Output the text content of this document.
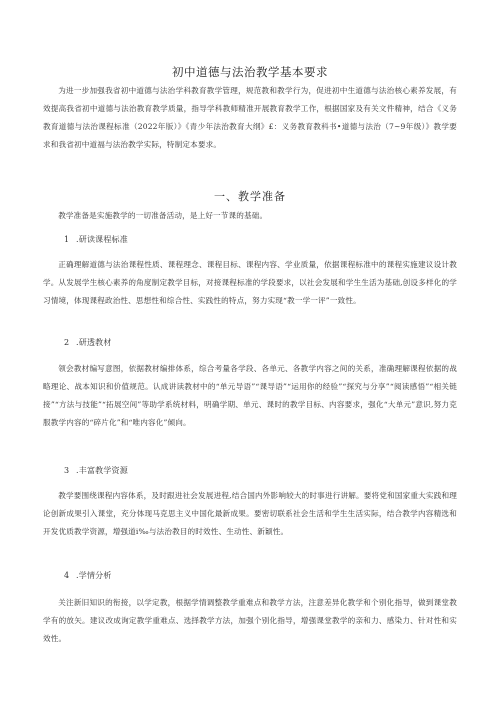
初中道德与法治教学基本要求
为进一步加强我省初中道德与法治学科教育教学管理，规范教和教学行为，促进初中生道德与法治核心素养发展，有效提高我省初中道德与法治教育教学质量，指导学科教师精准开展教育教学工作，根据国家及有关文件精神，结合《义务教育道德与法治课程标准（2022年版）》《青少年法治教育大纲》£：义务教育教科书•道德与法治（7~9年级）》教学要求和我省初中道福与法治教学实际，特制定本要求。
一、教学准备
教学准备是实施教学的一切准备活动，是上好一节课的基础。
1 .研读课程标准
正确理解道德与法治课程性质、课程理念、课程目标、课程内容、学业质量，依据课程标准中的课程实施建议设计教学。从发展学生核心素养的角度制定教学目标，对接课程标准的学段要求，以社会发展和学生生活为基础,创设多样化的学习情境，体现课程政治性、思想性和综合性、实践性的特点，努力实现“教一学一评”一致性。
2 .研透教材
领会教材编写意图，依据教材编排体系，综合考量各学段、各单元、各教学内容之间的关系，准确理解课程依据的战略理论、战本知识和价值规范。认成讲读教材中的“单元导语”“课导语”“运用你的经验”“探究与分享”“阅读感悟”“相关链接”“方法与技能”“拓展空间”等助学系统材料，明确学期、单元、课时的教学目标、内容要求，强化“大单元”意识,努力克服教学内容的“碎片化”和“唯内容化”倾向。
3 .丰富教学资源
教学要围绕课程内容体系，及时跟进社会发展进程,结合国内外影响较大的时事进行讲解。要将党和国家重大实践和理论创新成果引入课堂，充分体现马克思主义中国化最新成果。要密切联系社会生活和学生生活实际，结合教学内容精选和开发优质教学资源，增强道i‰与法治教目的时效性、生动性、新颖性。
4 .学情分析
关注新旧知识的衔接，以学定教，根据学情调整教学重难点和教学方法，注意差异化教学和个别化指导，做到课堂教学有的放矢。建议改成询定教学重难点、选择教学方法，加强个别化指导，增强课堂教学的亲和力、感染力、针对性和实效性。
